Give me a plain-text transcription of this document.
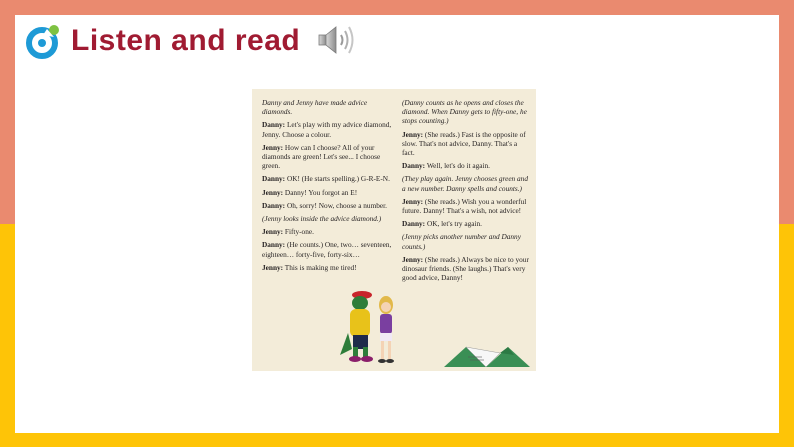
Listen and read
Danny and Jenny have made advice diamonds.
Danny: Let's play with my advice diamond, Jenny. Choose a colour.
Jenny: How can I choose? All of your diamonds are green! Let's see... I choose green.
Danny: OK! (He starts spelling.) G-R-E-N.
Jenny: Danny! You forgot an E!
Danny: Oh, sorry! Now, choose a number.
(Jenny looks inside the advice diamond.)
Jenny: Fifty-one.
Danny: (He counts.) One, two… seventeen, eighteen… forty-five, forty-six…
Jenny: This is making me tired!
(Danny counts as he opens and closes the diamond. When Danny gets to fifty-one, he stops counting.)
Jenny: (She reads.) Fast is the opposite of slow. That's not advice, Danny. That's a fact.
Danny: Well, let's do it again.
(They play again. Jenny chooses green and a new number. Danny spells and counts.)
Jenny: (She reads.) Wish you a wonderful future. Danny! That's a wish, not advice!
Danny: OK, let's try again.
(Jenny picks another number and Danny counts.)
Jenny: (She reads.) Always be nice to your dinosaur friends. (She laughs.) That's very good advice, Danny!
